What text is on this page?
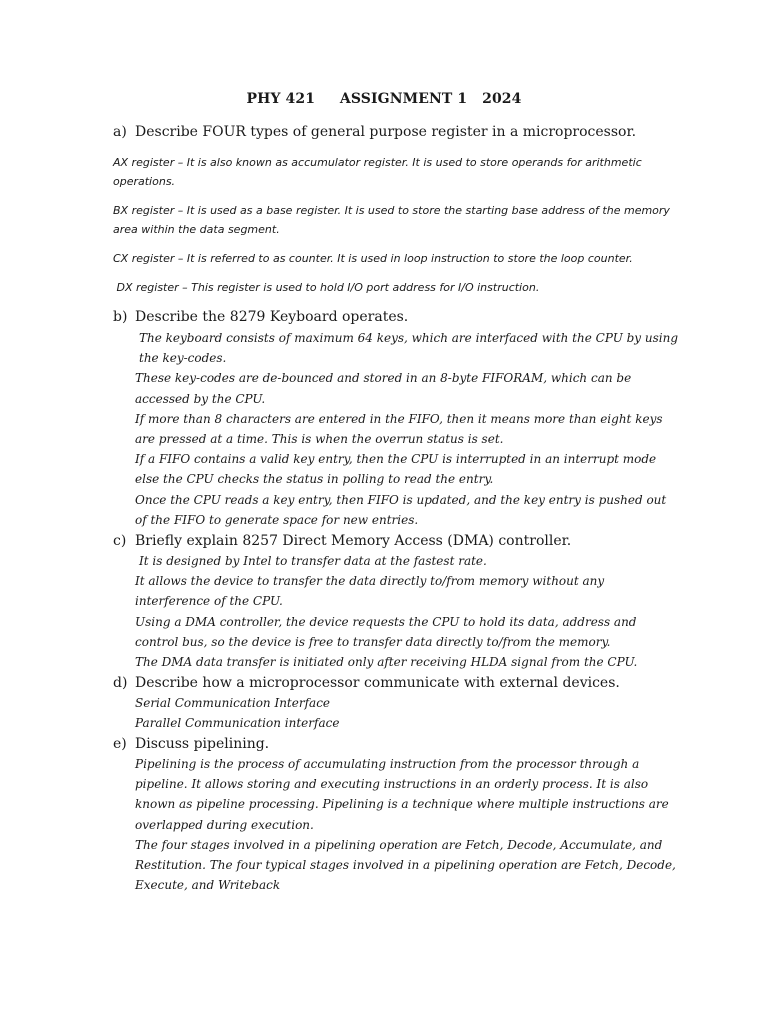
PHY 421     ASSIGNMENT 1   2024
a) Describe FOUR types of general purpose register in a microprocessor.

AX register – It is also known as accumulator register. It is used to store operands for arithmetic operations.

BX register – It is used as a base register. It is used to store the starting base address of the memory area within the data segment.

CX register – It is referred to as counter. It is used in loop instruction to store the loop counter.

DX register – This register is used to hold I/O port address for I/O instruction.

b) Describe the 8279 Keyboard operates.

The keyboard consists of maximum 64 keys, which are interfaced with the CPU by using the key-codes.

These key-codes are de-bounced and stored in an 8-byte FIFORAM, which can be accessed by the CPU.

If more than 8 characters are entered in the FIFO, then it means more than eight keys are pressed at a time. This is when the overrun status is set.

If a FIFO contains a valid key entry, then the CPU is interrupted in an interrupt mode else the CPU checks the status in polling to read the entry.

Once the CPU reads a key entry, then FIFO is updated, and the key entry is pushed out of the FIFO to generate space for new entries.

c) Briefly explain 8257 Direct Memory Access (DMA) controller.

It is designed by Intel to transfer data at the fastest rate.

It allows the device to transfer the data directly to/from memory without any interference of the CPU.

Using a DMA controller, the device requests the CPU to hold its data, address and control bus, so the device is free to transfer data directly to/from the memory.

The DMA data transfer is initiated only after receiving HLDA signal from the CPU.

d) Describe how a microprocessor communicate with external devices.

Serial Communication Interface

Parallel Communication interface

e) Discuss pipelining.

Pipelining is the process of accumulating instruction from the processor through a pipeline. It allows storing and executing instructions in an orderly process. It is also known as pipeline processing. Pipelining is a technique where multiple instructions are overlapped during execution.

The four stages involved in a pipelining operation are Fetch, Decode, Accumulate, and Restitution. The four typical stages involved in a pipelining operation are Fetch, Decode, Execute, and Writeback
